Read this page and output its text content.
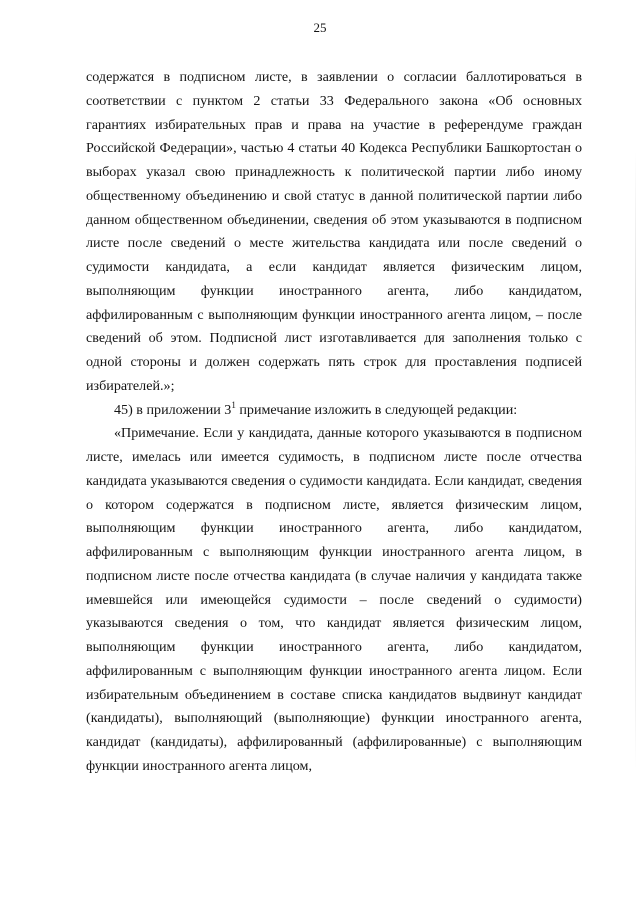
25

содержатся в подписном листе, в заявлении о согласии баллотироваться в соответствии с пунктом 2 статьи 33 Федерального закона «Об основных гарантиях избирательных прав и права на участие в референдуме граждан Российской Федерации», частью 4 статьи 40 Кодекса Республики Башкортостан о выборах указал свою принадлежность к политической партии либо иному общественному объединению и свой статус в данной политической партии либо данном общественном объединении, сведения об этом указываются в подписном листе после сведений о месте жительства кандидата или после сведений о судимости кандидата, а если кандидат является физическим лицом, выполняющим функции иностранного агента, либо кандидатом, аффилированным с выполняющим функции иностранного агента лицом, – после сведений об этом. Подписной лист изготавливается для заполнения только с одной стороны и должен содержать пять строк для проставления подписей избирателей.»;

45) в приложении $3^1$ примечание изложить в следующей редакции:

«Примечание. Если у кандидата, данные которого указываются в подписном листе, имелась или имеется судимость, в подписном листе после отчества кандидата указываются сведения о судимости кандидата. Если кандидат, сведения о котором содержатся в подписном листе, является физическим лицом, выполняющим функции иностранного агента, либо кандидатом, аффилированным с выполняющим функции иностранного агента лицом, в подписном листе после отчества кандидата (в случае наличия у кандидата также имевшейся или имеющейся судимости – после сведений о судимости) указываются сведения о том, что кандидат является физическим лицом, выполняющим функции иностранного агента, либо кандидатом, аффилированным с выполняющим функции иностранного агента лицом. Если избирательным объединением в составе списка кандидатов выдвинут кандидат (кандидаты), выполняющий (выполняющие) функции иностранного агента, кандидат (кандидаты), аффилированный (аффилированные) с выполняющим функции иностранного агента лицом,
